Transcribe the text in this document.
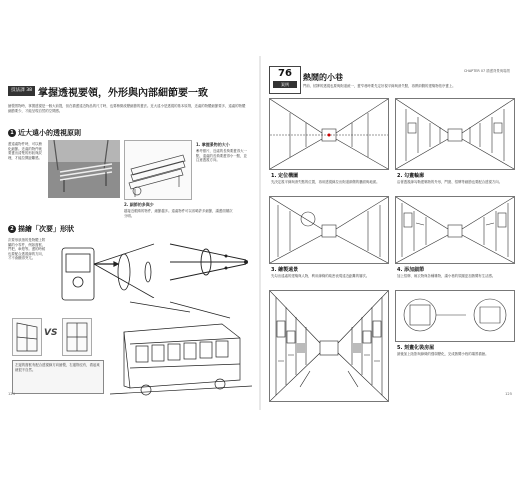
技法課 38 掌握透視要領，外形與內部細節要一致
繪製景物時，掌握透視是一個大前提，但在描畫遠近物品的尺寸時，也要稍微改變細節的畫法。近大遠小是透視的基本原則，近處的物體細節要多，遠處的物體細節要少，才能呈現自然的空間感。
1 近大遠小的透視原則
畫遠處物件時，可以簡化細節。近處的物件就要畫出清楚的形狀與紋理，才能拉開距離感。
1. 掌握景物的大小
參考照片，近處的長椅要畫得大一點，遠處的長椅要畫得小一點，並注意透視方向。
2. 細節的多與少
越接近眼睛的物件，細節越多。遠處物件可以省略許多細節，讓畫面層次分明。
2 描繪「次要」形狀
次要形狀指的是物體上附屬的小零件，例如窗框、門把、車燈等。畫的時候也要配合透視線的方向，才不會顯得突兀。
VS
左邊的窗框有配合透視線方向繪製，右邊則沒有，看起來就很不自然。
124
CHAPTER 07 描畫背景與場景
76
案例
熱鬧的小巷
門前、招牌的透視也要與街道統一，畫窄巷時要先定好視平線與消失點，再將兩側的建築物依序畫上。
1. 定位構圖
先決定視平線與消失點的位置，再用透視線拉出街道兩側的牆面與地面。
2. 勾畫輪廓
沿著透視線勾勒建築物的外形，門窗、招牌等細節也要配合透視方向。
3. 繪製遠景
先勾出遠處的建築與人物，利用線條的疏密表現遠近距離的層次。
4. 添加細節
加上招牌、晾衣物與各種雜物，讓小巷的氛圍更加熱鬧有生活感。
5. 刻畫化裝房屋
最後加上陰影與線條的強弱變化，完成熱鬧小巷的場景描繪。
125
